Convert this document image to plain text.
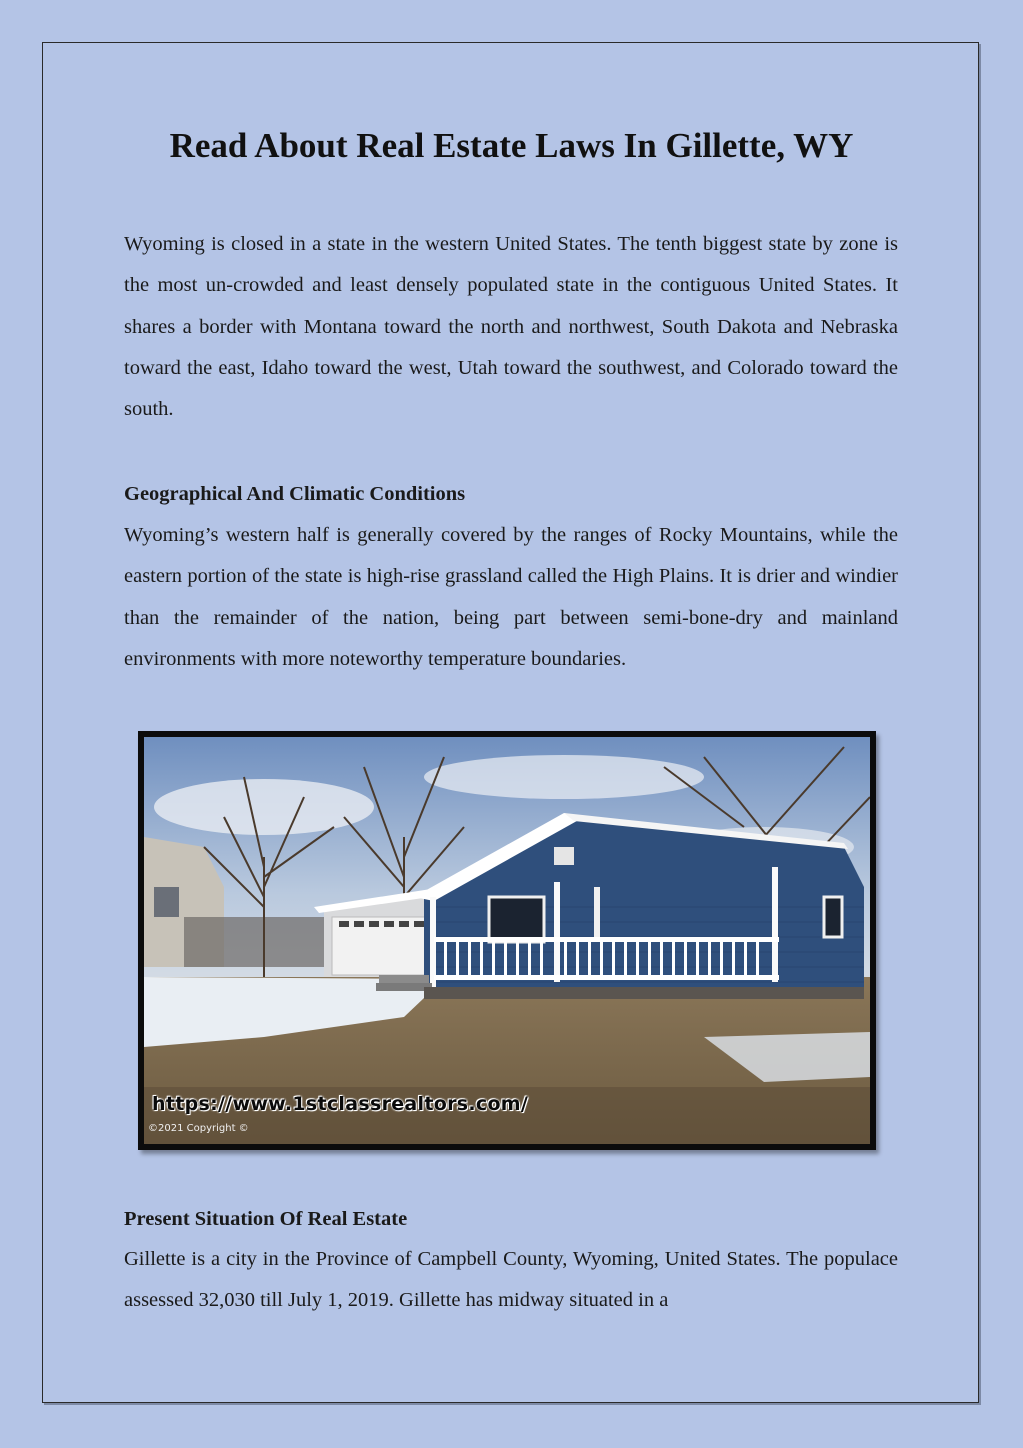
Read About Real Estate Laws In Gillette, WY

Wyoming is closed in a state in the western United States. The tenth biggest state by zone is the most un-crowded and least densely populated state in the contiguous United States. It shares a border with Montana toward the north and northwest, South Dakota and Nebraska toward the east, Idaho toward the west, Utah toward the southwest, and Colorado toward the south.

Geographical And Climatic Conditions

Wyoming’s western half is generally covered by the ranges of Rocky Mountains, while the eastern portion of the state is high-rise grassland called the High Plains. It is drier and windier than the remainder of the nation, being part between semi-bone-dry and mainland environments with more noteworthy temperature boundaries.

https://www.1stclassrealtors.com/
©2021 Copyright ©
Present Situation Of Real Estate

Gillette is a city in the Province of Campbell County, Wyoming, United States. The populace assessed 32,030 till July 1, 2019. Gillette has midway situated in a
